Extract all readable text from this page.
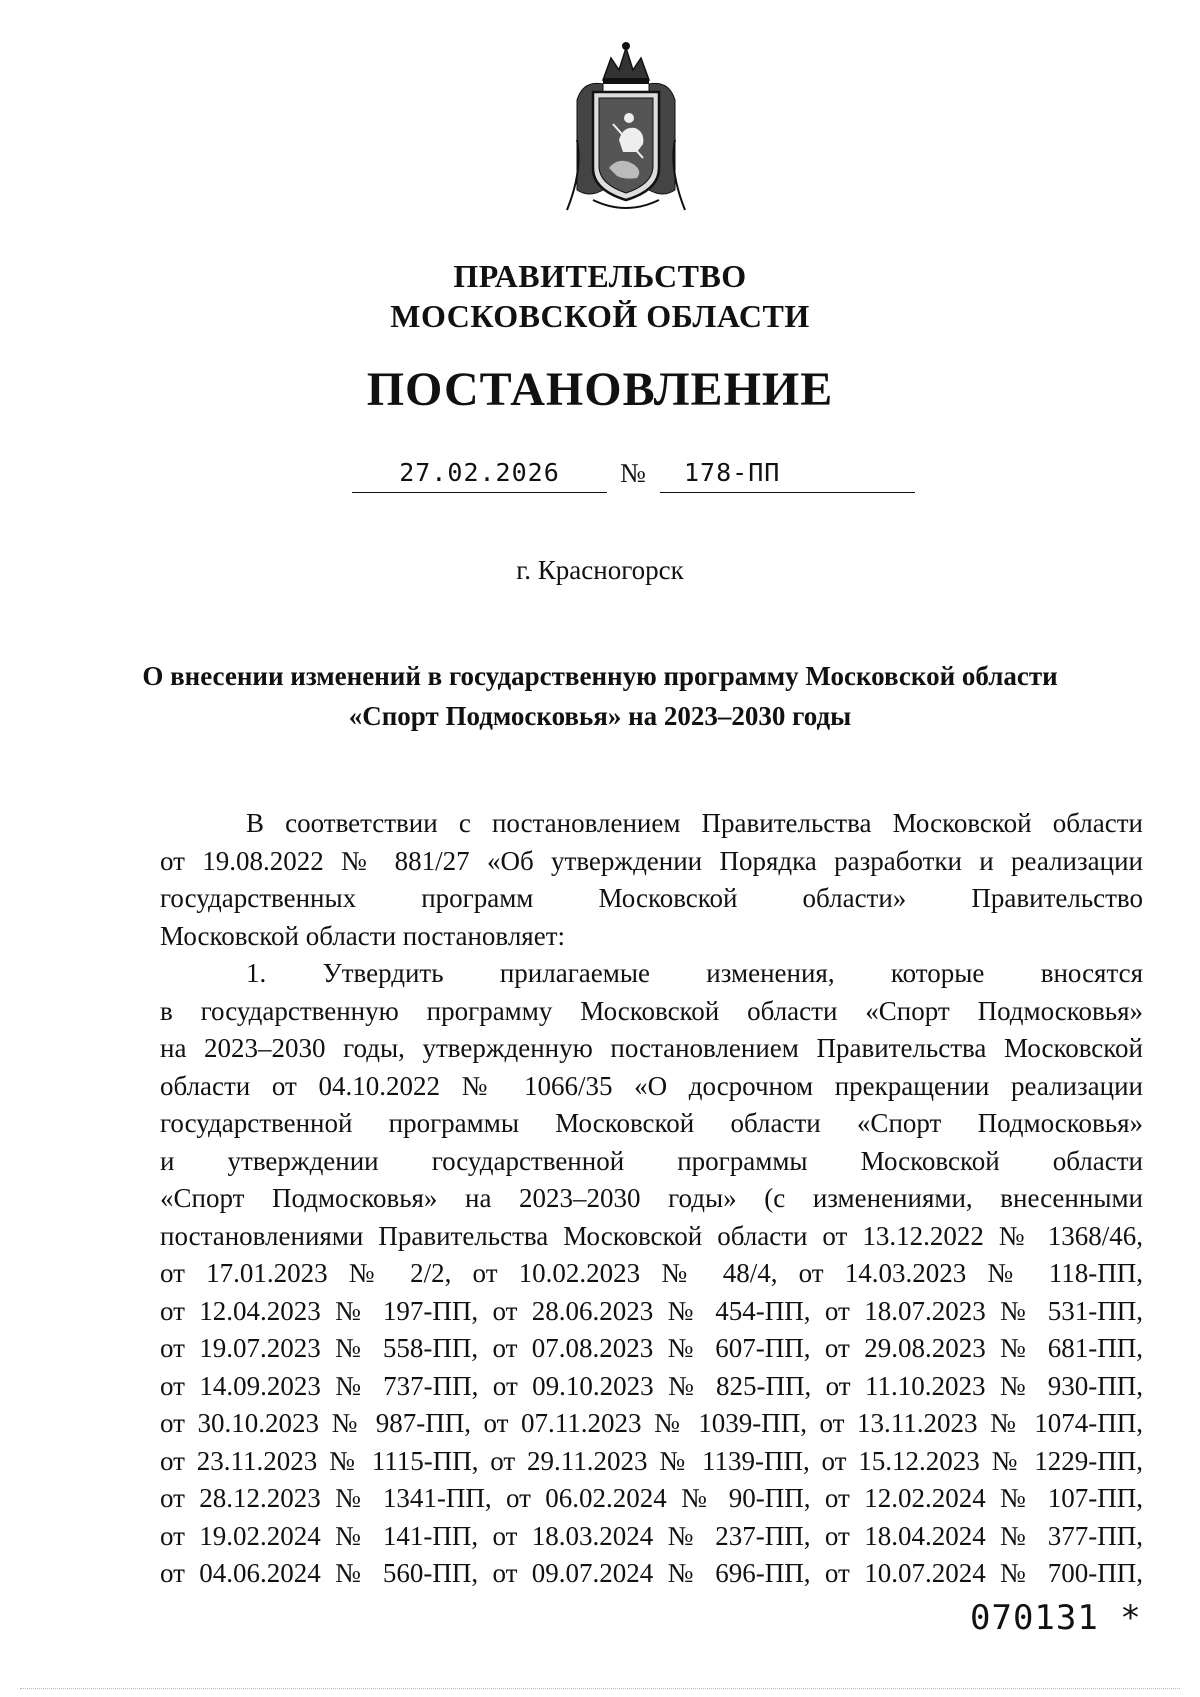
ПРАВИТЕЛЬСТВО
МОСКОВСКОЙ ОБЛАСТИ
ПОСТАНОВЛЕНИЕ
27.02.2026	№	178-ПП
г. Красногорск
О внесении изменений в государственную программу Московской области
«Спорт Подмосковья» на 2023–2030 годы
В соответствии с постановлением Правительства Московской области
от 19.08.2022 № 881/27 «Об утверждении Порядка разработки и реализации
государственных программ Московской области» Правительство
Московской области постановляет:
1. Утвердить прилагаемые изменения, которые вносятся
в государственную программу Московской области «Спорт Подмосковья»
на 2023–2030 годы, утвержденную постановлением Правительства Московской
области от 04.10.2022 № 1066/35 «О досрочном прекращении реализации
государственной программы Московской области «Спорт Подмосковья»
и утверждении государственной программы Московской области
«Спорт Подмосковья» на 2023–2030 годы» (с изменениями, внесенными
постановлениями Правительства Московской области от 13.12.2022 № 1368/46,
от 17.01.2023 № 2/2, от 10.02.2023 № 48/4, от 14.03.2023 № 118-ПП,
от 12.04.2023 № 197-ПП, от 28.06.2023 № 454-ПП, от 18.07.2023 № 531-ПП,
от 19.07.2023 № 558-ПП, от 07.08.2023 № 607-ПП, от 29.08.2023 № 681-ПП,
от 14.09.2023 № 737-ПП, от 09.10.2023 № 825-ПП, от 11.10.2023 № 930-ПП,
от 30.10.2023 № 987-ПП, от 07.11.2023 № 1039-ПП, от 13.11.2023 № 1074-ПП,
от 23.11.2023 № 1115-ПП, от 29.11.2023 № 1139-ПП, от 15.12.2023 № 1229-ПП,
от 28.12.2023 № 1341-ПП, от 06.02.2024 № 90-ПП, от 12.02.2024 № 107-ПП,
от 19.02.2024 № 141-ПП, от 18.03.2024 № 237-ПП, от 18.04.2024 № 377-ПП,
от 04.06.2024 № 560-ПП, от 09.07.2024 № 696-ПП, от 10.07.2024 № 700-ПП,
070131 *
